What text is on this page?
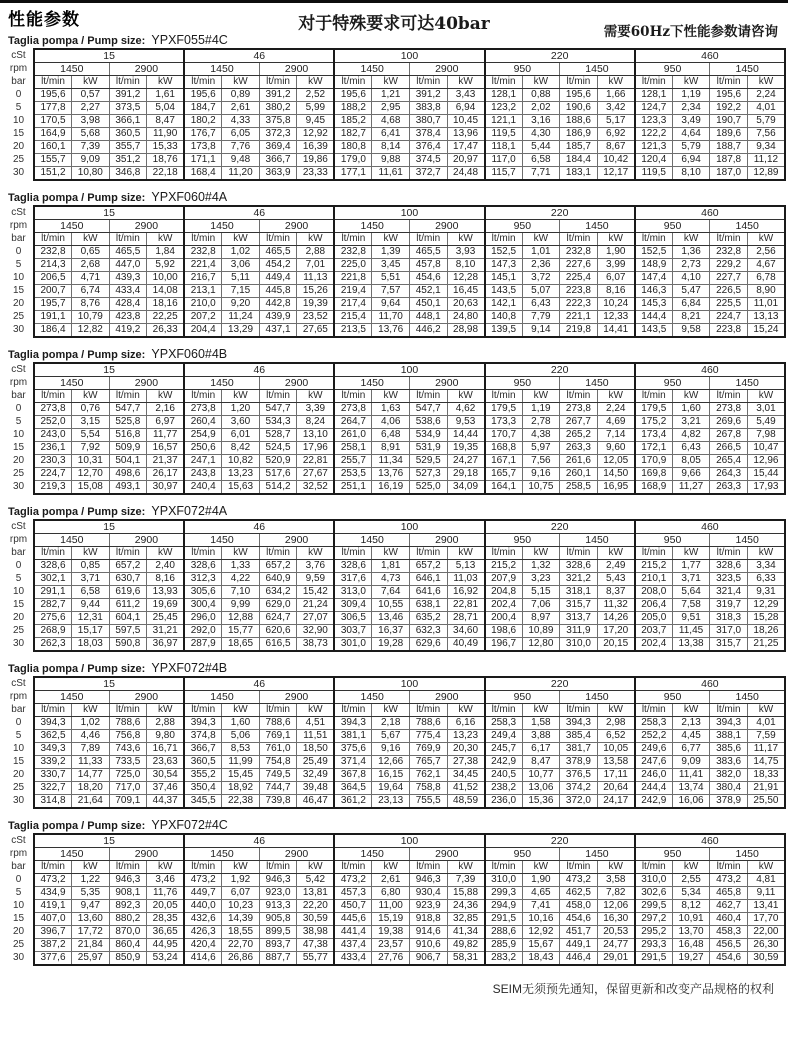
性能参数	对于特殊要求可达40bar	需要60Hz下性能参数请咨询
Taglia pompa / Pump size: YPXF055#4C
cSt	15				46				100				220				460			
rpm	1450		2900		1450		2900		1450		2900		950		1450		950		1450	
bar	lt/min	kW	lt/min	kW	lt/min	kW	lt/min	kW	lt/min	kW	lt/min	kW	lt/min	kW	lt/min	kW	lt/min	kW	lt/min	kW
0	195,6	0,57	391,2	1,61	195,6	0,89	391,2	2,52	195,6	1,21	391,2	3,43	128,1	0,88	195,6	1,66	128,1	1,19	195,6	2,24
5	177,8	2,27	373,5	5,04	184,7	2,61	380,2	5,99	188,2	2,95	383,8	6,94	123,2	2,02	190,6	3,42	124,7	2,34	192,2	4,01
10	170,5	3,98	366,1	8,47	180,2	4,33	375,8	9,45	185,2	4,68	380,7	10,45	121,1	3,16	188,6	5,17	123,3	3,49	190,7	5,79
15	164,9	5,68	360,5	11,90	176,7	6,05	372,3	12,92	182,7	6,41	378,4	13,96	119,5	4,30	186,9	6,92	122,2	4,64	189,6	7,56
20	160,1	7,39	355,7	15,33	173,8	7,76	369,4	16,39	180,8	8,14	376,4	17,47	118,1	5,44	185,7	8,67	121,3	5,79	188,7	9,34
25	155,7	9,09	351,2	18,76	171,1	9,48	366,7	19,86	179,0	9,88	374,5	20,97	117,0	6,58	184,4	10,42	120,4	6,94	187,8	11,12
30	151,2	10,80	346,8	22,18	168,4	11,20	363,9	23,33	177,1	11,61	372,7	24,48	115,7	7,71	183,1	12,17	119,5	8,10	187,0	12,89
Taglia pompa / Pump size: YPXF060#4A
cSt	15				46				100				220				460			
rpm	1450		2900		1450		2900		1450		2900		950		1450		950		1450	
bar	lt/min	kW	lt/min	kW	lt/min	kW	lt/min	kW	lt/min	kW	lt/min	kW	lt/min	kW	lt/min	kW	lt/min	kW	lt/min	kW
0	232,8	0,65	465,5	1,84	232,8	1,02	465,5	2,88	232,8	1,39	465,5	3,93	152,5	1,01	232,8	1,90	152,5	1,36	232,8	2,56
5	214,3	2,68	447,0	5,92	221,4	3,06	454,2	7,01	225,0	3,45	457,8	8,10	147,3	2,36	227,6	3,99	148,9	2,73	229,2	4,67
10	206,5	4,71	439,3	10,00	216,7	5,11	449,4	11,13	221,8	5,51	454,6	12,28	145,1	3,72	225,4	6,07	147,4	4,10	227,7	6,78
15	200,7	6,74	433,4	14,08	213,1	7,15	445,8	15,26	219,4	7,57	452,1	16,45	143,5	5,07	223,8	8,16	146,3	5,47	226,5	8,90
20	195,7	8,76	428,4	18,16	210,0	9,20	442,8	19,39	217,4	9,64	450,1	20,63	142,1	6,43	222,3	10,24	145,3	6,84	225,5	11,01
25	191,1	10,79	423,8	22,25	207,2	11,24	439,9	23,52	215,4	11,70	448,1	24,80	140,8	7,79	221,1	12,33	144,4	8,21	224,7	13,13
30	186,4	12,82	419,2	26,33	204,4	13,29	437,1	27,65	213,5	13,76	446,2	28,98	139,5	9,14	219,8	14,41	143,5	9,58	223,8	15,24
Taglia pompa / Pump size: YPXF060#4B
cSt	15				46				100				220				460			
rpm	1450		2900		1450		2900		1450		2900		950		1450		950		1450	
bar	lt/min	kW	lt/min	kW	lt/min	kW	lt/min	kW	lt/min	kW	lt/min	kW	lt/min	kW	lt/min	kW	lt/min	kW	lt/min	kW
0	273,8	0,76	547,7	2,16	273,8	1,20	547,7	3,39	273,8	1,63	547,7	4,62	179,5	1,19	273,8	2,24	179,5	1,60	273,8	3,01
5	252,0	3,15	525,8	6,97	260,4	3,60	534,3	8,24	264,7	4,06	538,6	9,53	173,3	2,78	267,7	4,69	175,2	3,21	269,6	5,49
10	243,0	5,54	516,8	11,77	254,9	6,01	528,7	13,10	261,0	6,48	534,9	14,44	170,7	4,38	265,2	7,14	173,4	4,82	267,8	7,98
15	236,1	7,92	509,9	16,57	250,6	8,42	524,5	17,96	258,1	8,91	531,9	19,35	168,8	5,97	263,3	9,60	172,1	6,43	266,5	10,47
20	230,3	10,31	504,1	21,37	247,1	10,82	520,9	22,81	255,7	11,34	529,5	24,27	167,1	7,56	261,6	12,05	170,9	8,05	265,4	12,96
25	224,7	12,70	498,6	26,17	243,8	13,23	517,6	27,67	253,5	13,76	527,3	29,18	165,7	9,16	260,1	14,50	169,8	9,66	264,3	15,44
30	219,3	15,08	493,1	30,97	240,4	15,63	514,2	32,52	251,1	16,19	525,0	34,09	164,1	10,75	258,5	16,95	168,9	11,27	263,3	17,93
Taglia pompa / Pump size: YPXF072#4A
cSt	15				46				100				220				460			
rpm	1450		2900		1450		2900		1450		2900		950		1450		950		1450	
bar	lt/min	kW	lt/min	kW	lt/min	kW	lt/min	kW	lt/min	kW	lt/min	kW	lt/min	kW	lt/min	kW	lt/min	kW	lt/min	kW
0	328,6	0,85	657,2	2,40	328,6	1,33	657,2	3,76	328,6	1,81	657,2	5,13	215,2	1,32	328,6	2,49	215,2	1,77	328,6	3,34
5	302,1	3,71	630,7	8,16	312,3	4,22	640,9	9,59	317,6	4,73	646,1	11,03	207,9	3,23	321,2	5,43	210,1	3,71	323,5	6,33
10	291,1	6,58	619,6	13,93	305,6	7,10	634,2	15,42	313,0	7,64	641,6	16,92	204,8	5,15	318,1	8,37	208,0	5,64	321,4	9,31
15	282,7	9,44	611,2	19,69	300,4	9,99	629,0	21,24	309,4	10,55	638,1	22,81	202,4	7,06	315,7	11,32	206,4	7,58	319,7	12,29
20	275,6	12,31	604,1	25,45	296,0	12,88	624,7	27,07	306,5	13,46	635,2	28,71	200,4	8,97	313,7	14,26	205,0	9,51	318,3	15,28
25	268,9	15,17	597,5	31,21	292,0	15,77	620,6	32,90	303,7	16,37	632,3	34,60	198,6	10,89	311,9	17,20	203,7	11,45	317,0	18,26
30	262,3	18,03	590,8	36,97	287,9	18,65	616,5	38,73	301,0	19,28	629,6	40,49	196,7	12,80	310,0	20,15	202,4	13,38	315,7	21,25
Taglia pompa / Pump size: YPXF072#4B
cSt	15				46				100				220				460			
rpm	1450		2900		1450		2900		1450		2900		950		1450		950		1450	
bar	lt/min	kW	lt/min	kW	lt/min	kW	lt/min	kW	lt/min	kW	lt/min	kW	lt/min	kW	lt/min	kW	lt/min	kW	lt/min	kW
0	394,3	1,02	788,6	2,88	394,3	1,60	788,6	4,51	394,3	2,18	788,6	6,16	258,3	1,58	394,3	2,98	258,3	2,13	394,3	4,01
5	362,5	4,46	756,8	9,80	374,8	5,06	769,1	11,51	381,1	5,67	775,4	13,23	249,4	3,88	385,4	6,52	252,2	4,45	388,1	7,59
10	349,3	7,89	743,6	16,71	366,7	8,53	761,0	18,50	375,6	9,16	769,9	20,30	245,7	6,17	381,7	10,05	249,6	6,77	385,6	11,17
15	339,2	11,33	733,5	23,63	360,5	11,99	754,8	25,49	371,4	12,66	765,7	27,38	242,9	8,47	378,9	13,58	247,6	9,09	383,6	14,75
20	330,7	14,77	725,0	30,54	355,2	15,45	749,5	32,49	367,8	16,15	762,1	34,45	240,5	10,77	376,5	17,11	246,0	11,41	382,0	18,33
25	322,7	18,20	717,0	37,46	350,4	18,92	744,7	39,48	364,5	19,64	758,8	41,52	238,2	13,06	374,2	20,64	244,4	13,74	380,4	21,91
30	314,8	21,64	709,1	44,37	345,5	22,38	739,8	46,47	361,2	23,13	755,5	48,59	236,0	15,36	372,0	24,17	242,9	16,06	378,9	25,50
Taglia pompa / Pump size: YPXF072#4C
cSt	15				46				100				220				460			
rpm	1450		2900		1450		2900		1450		2900		950		1450		950		1450	
bar	lt/min	kW	lt/min	kW	lt/min	kW	lt/min	kW	lt/min	kW	lt/min	kW	lt/min	kW	lt/min	kW	lt/min	kW	lt/min	kW
0	473,2	1,22	946,3	3,46	473,2	1,92	946,3	5,42	473,2	2,61	946,3	7,39	310,0	1,90	473,2	3,58	310,0	2,55	473,2	4,81
5	434,9	5,35	908,1	11,76	449,7	6,07	923,0	13,81	457,3	6,80	930,4	15,88	299,3	4,65	462,5	7,82	302,6	5,34	465,8	9,11
10	419,1	9,47	892,3	20,05	440,0	10,23	913,3	22,20	450,7	11,00	923,9	24,36	294,9	7,41	458,0	12,06	299,5	8,12	462,7	13,41
15	407,0	13,60	880,2	28,35	432,6	14,39	905,8	30,59	445,6	15,19	918,8	32,85	291,5	10,16	454,6	16,30	297,2	10,91	460,4	17,70
20	396,7	17,72	870,0	36,65	426,3	18,55	899,5	38,98	441,4	19,38	914,6	41,34	288,6	12,92	451,7	20,53	295,2	13,70	458,3	22,00
25	387,2	21,84	860,4	44,95	420,4	22,70	893,7	47,38	437,4	23,57	910,6	49,82	285,9	15,67	449,1	24,77	293,3	16,48	456,5	26,30
30	377,6	25,97	850,9	53,24	414,6	26,86	887,7	55,77	433,4	27,76	906,7	58,31	283,2	18,43	446,4	29,01	291,5	19,27	454,6	30,59
SEIM无须预先通知，保留更新和改变产品规格的权利
